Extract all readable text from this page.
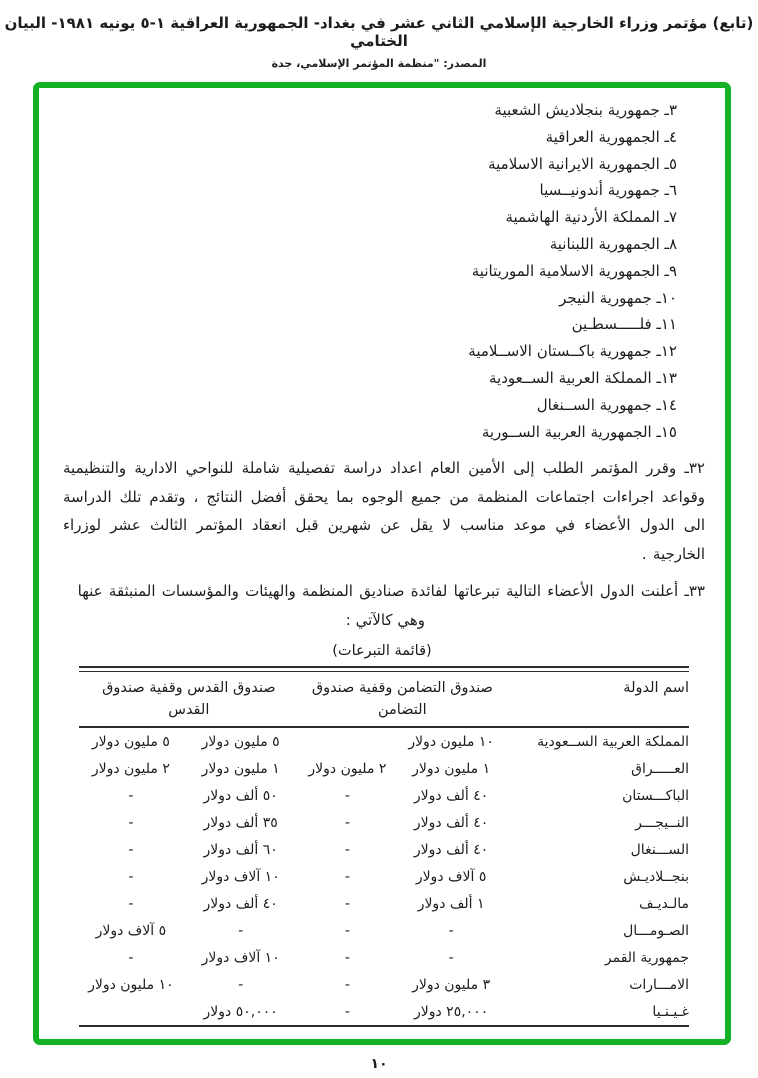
(تابع) مؤتمر وزراء الخارجية الإسلامي الثاني عشر في بغداد- الجمهورية العراقية ١-٥ يونيه ١٩٨١- البيان الختامي
المصدر: "منظمة المؤتمر الإسلامي، جدة
٣ـ جمهورية بنجلاديش الشعبية
٤ـ الجمهورية العراقية
٥ـ الجمهورية الايرانية الاسلامية
٦ـ جمهورية أندونيــسيا
٧ـ المملكة الأردنية الهاشمية
٨ـ الجمهورية اللبنانية
٩ـ الجمهورية الاسلامية الموريتانية
١٠ـ جمهورية النيجر
١١ـ فلـــــسطـين
١٢ـ جمهورية باكــستان الاســلامية
١٣ـ المملكة العربية الســعودية
١٤ـ جمهورية الســنغال
١٥ـ الجمهورية العربية الســورية
٣٢ـ وقرر المؤتمر الطلب إلى الأمين العام اعداد دراسة تفصيلية شاملة للنواحي الادارية والتنظيمية وقواعد اجراءات اجتماعات المنظمة من جميع الوجوه بما يحقق أفضل النتائج ، وتقدم تلك الدراسة الى الدول الأعضاء في موعد مناسب لا يقل عن شهرين قبل انعقاد المؤتمر الثالث عشر لوزراء الخارجية .
٣٣ـ أعلنت الدول الأعضاء التالية تبرعاتها لفائدة صناديق المنظمة والهيئات والمؤسسات المنبثقة عنها
وهي كالآتي :
(قائمة التبرعات)
اسم الدولة	صندوق التضامن وقفية صندوق		صندوق القدس وقفية صندوق	
	التضامن		القدس	
المملكة العربية الســعودية	١٠ مليون دولار		٥ مليون دولار	٥ مليون دولار
العـــــراق	١ مليون دولار	٢ مليون دولار	١ مليون دولار	٢ مليون دولار
الباكـــستان	٤٠ ألف دولار	-	٥٠ ألف دولار	-
النــيجـــر	٤٠ ألف دولار	-	٣٥ ألف دولار	-
الســـنغال	٤٠ ألف دولار	-	٦٠ ألف دولار	-
بنجــلاديـش	٥ آلاف دولار	-	١٠ آلاف دولار	-
مالـديـف	١ ألف دولار	-	٤٠ ألف دولار	-
الصـومـــال	-	-	-	٥ آلاف دولار
جمهورية القمر	-	-	١٠ آلاف دولار	-
الامـــارات	٣ مليون دولار	-	-	١٠ مليون دولار
غـيـنـيا	٢٥,٠٠٠ دولار	-	٥٠,٠٠٠ دولار	
١٠
